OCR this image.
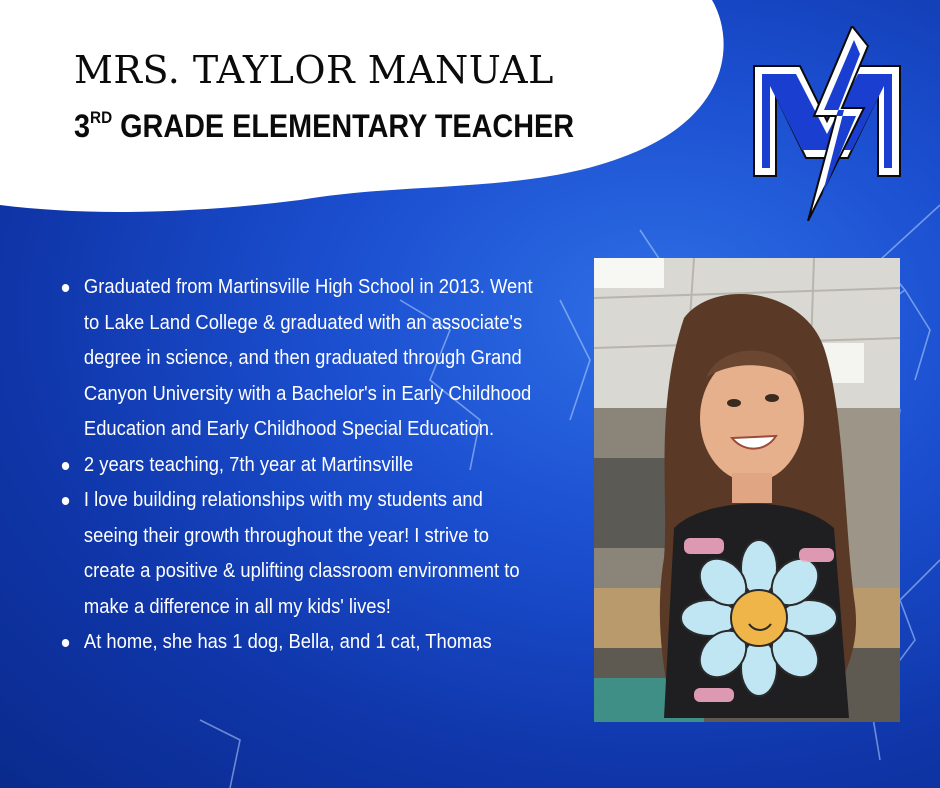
MRS. TAYLOR MANUAL
3RD GRADE ELEMENTARY TEACHER
Graduated from Martinsville High School in 2013. Went to Lake Land College & graduated with an associate's degree in science, and then graduated through Grand Canyon University with a Bachelor's in Early Childhood Education and Early Childhood Special Education.
2 years teaching, 7th year at Martinsville
I love building relationships with my students and seeing their growth throughout the year! I strive to create a positive & uplifting classroom environment to make a difference in all my kids' lives!
At home, she has 1 dog, Bella, and 1 cat, Thomas
